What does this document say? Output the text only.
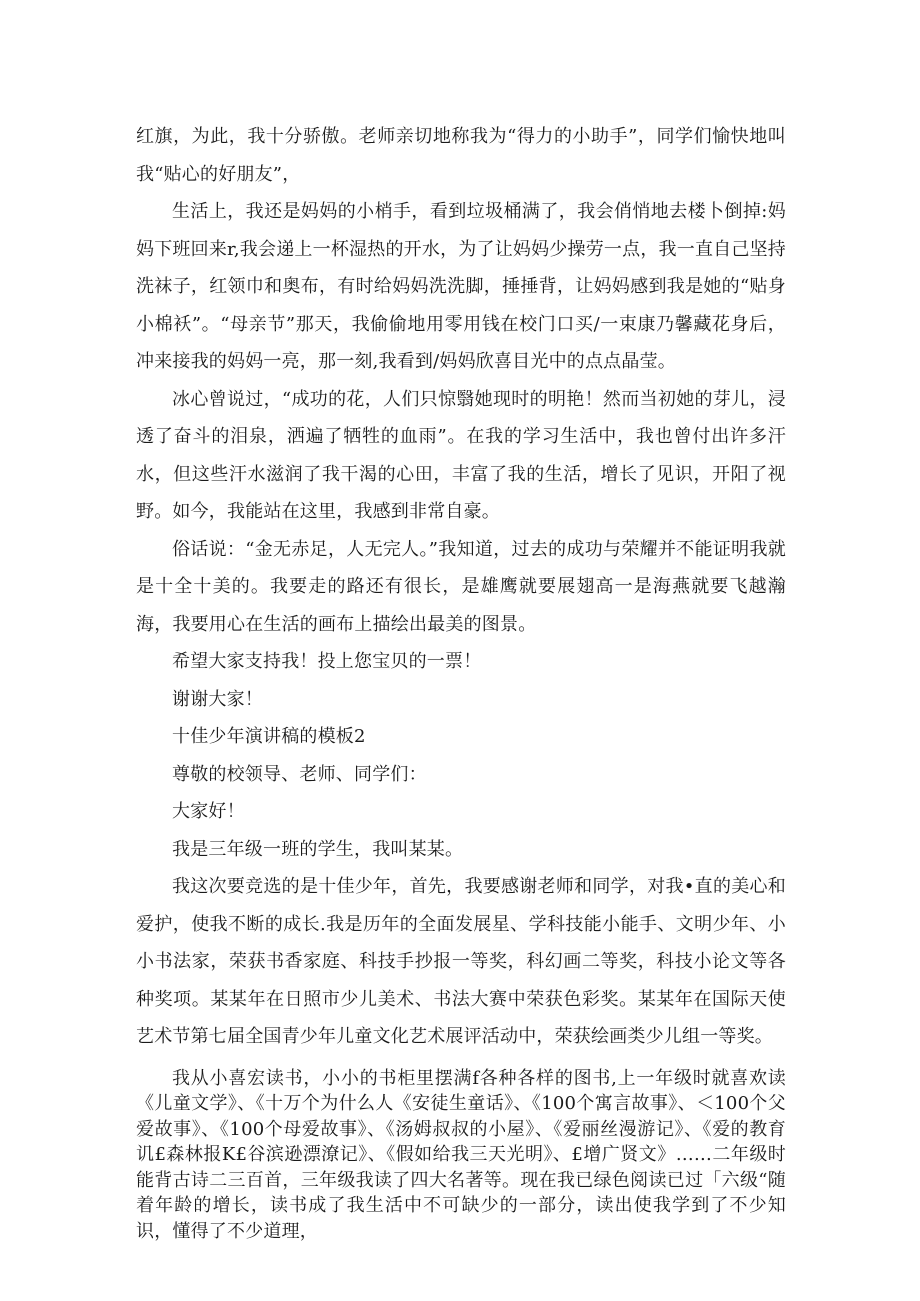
红旗，为此，我十分骄傲。老师亲切地称我为“得力的小助手”，同学们愉快地叫我“贴心的好朋友”，

生活上，我还是妈妈的小梢手，看到垃圾桶满了，我会俏悄地去楼卜倒掉:妈妈下班回来r,我会递上一杯湿热的开水，为了让妈妈少操劳一点，我一直自己坚持洗袜子，红领巾和奥布，有时给妈妈洗洗脚，捶捶背，让妈妈感到我是她的“贴身小棉袄”。“母亲节”那天，我偷偷地用零用钱在校门口买/一束康乃馨藏花身后，冲来接我的妈妈一亮，那一刻,我看到/妈妈欣喜目光中的点点晶莹。

冰心曾说过，“成功的花，人们只惊翳她现时的明艳！然而当初她的芽儿，浸透了奋斗的泪泉，洒遍了牺牲的血雨”。在我的学习生活中，我也曾付出许多汗水，但这些汗水滋润了我干渴的心田，丰富了我的生活，增长了见识，开阳了视野。如今，我能站在这里，我感到非常自豪。

俗话说：“金无赤足，人无完人。”我知道，过去的成功与荣耀并不能证明我就是十全十美的。我要走的路还有很长，是雄鹰就要展翅高一是海燕就要飞越瀚海，我要用心在生活的画布上描绘出最美的图景。

希望大家支持我！投上您宝贝的一票！

谢谢大家！

十佳少年演讲稿的模板2

尊敬的校领导、老师、同学们：

大家好！

我是三年级一班的学生，我叫某某。

我这次要竞选的是十佳少年，首先，我要感谢老师和同学，对我•直的美心和爱护，使我不断的成长.我是历年的全面发展星、学科技能小能手、文明少年、小小书法家，荣获书香家庭、科技手抄报一等奖，科幻画二等奖，科技小论文等各种奖项。某某年在日照市少儿美术、书法大赛中荣获色彩奖。某某年在国际天使艺术节第七届全国青少年儿童文化艺术展评活动中，荣获绘画类少儿组一等奖。

我从小喜宏读书，小小的书柜里摆满f各种各样的图书,上一年级时就喜欢读《儿童文学》、《十万个为什么人《安徒生童话》、《100个寓言故事》、＜100个父爱故事》、《100个母爱故事》、《汤姆叔叔的小屋》、《爱丽丝漫游记》、《爱的教育讥£森林报K£谷滨逊漂潦记》、《假如给我三天光明》、£增广贤文》……二年级时能背古诗二三百首，三年级我读了四大名著等。现在我已绿色阅读已过「六级“随着年龄的增长，读书成了我生活中不可缺少的一部分，读出使我学到了不少知识，懂得了不少道理，
